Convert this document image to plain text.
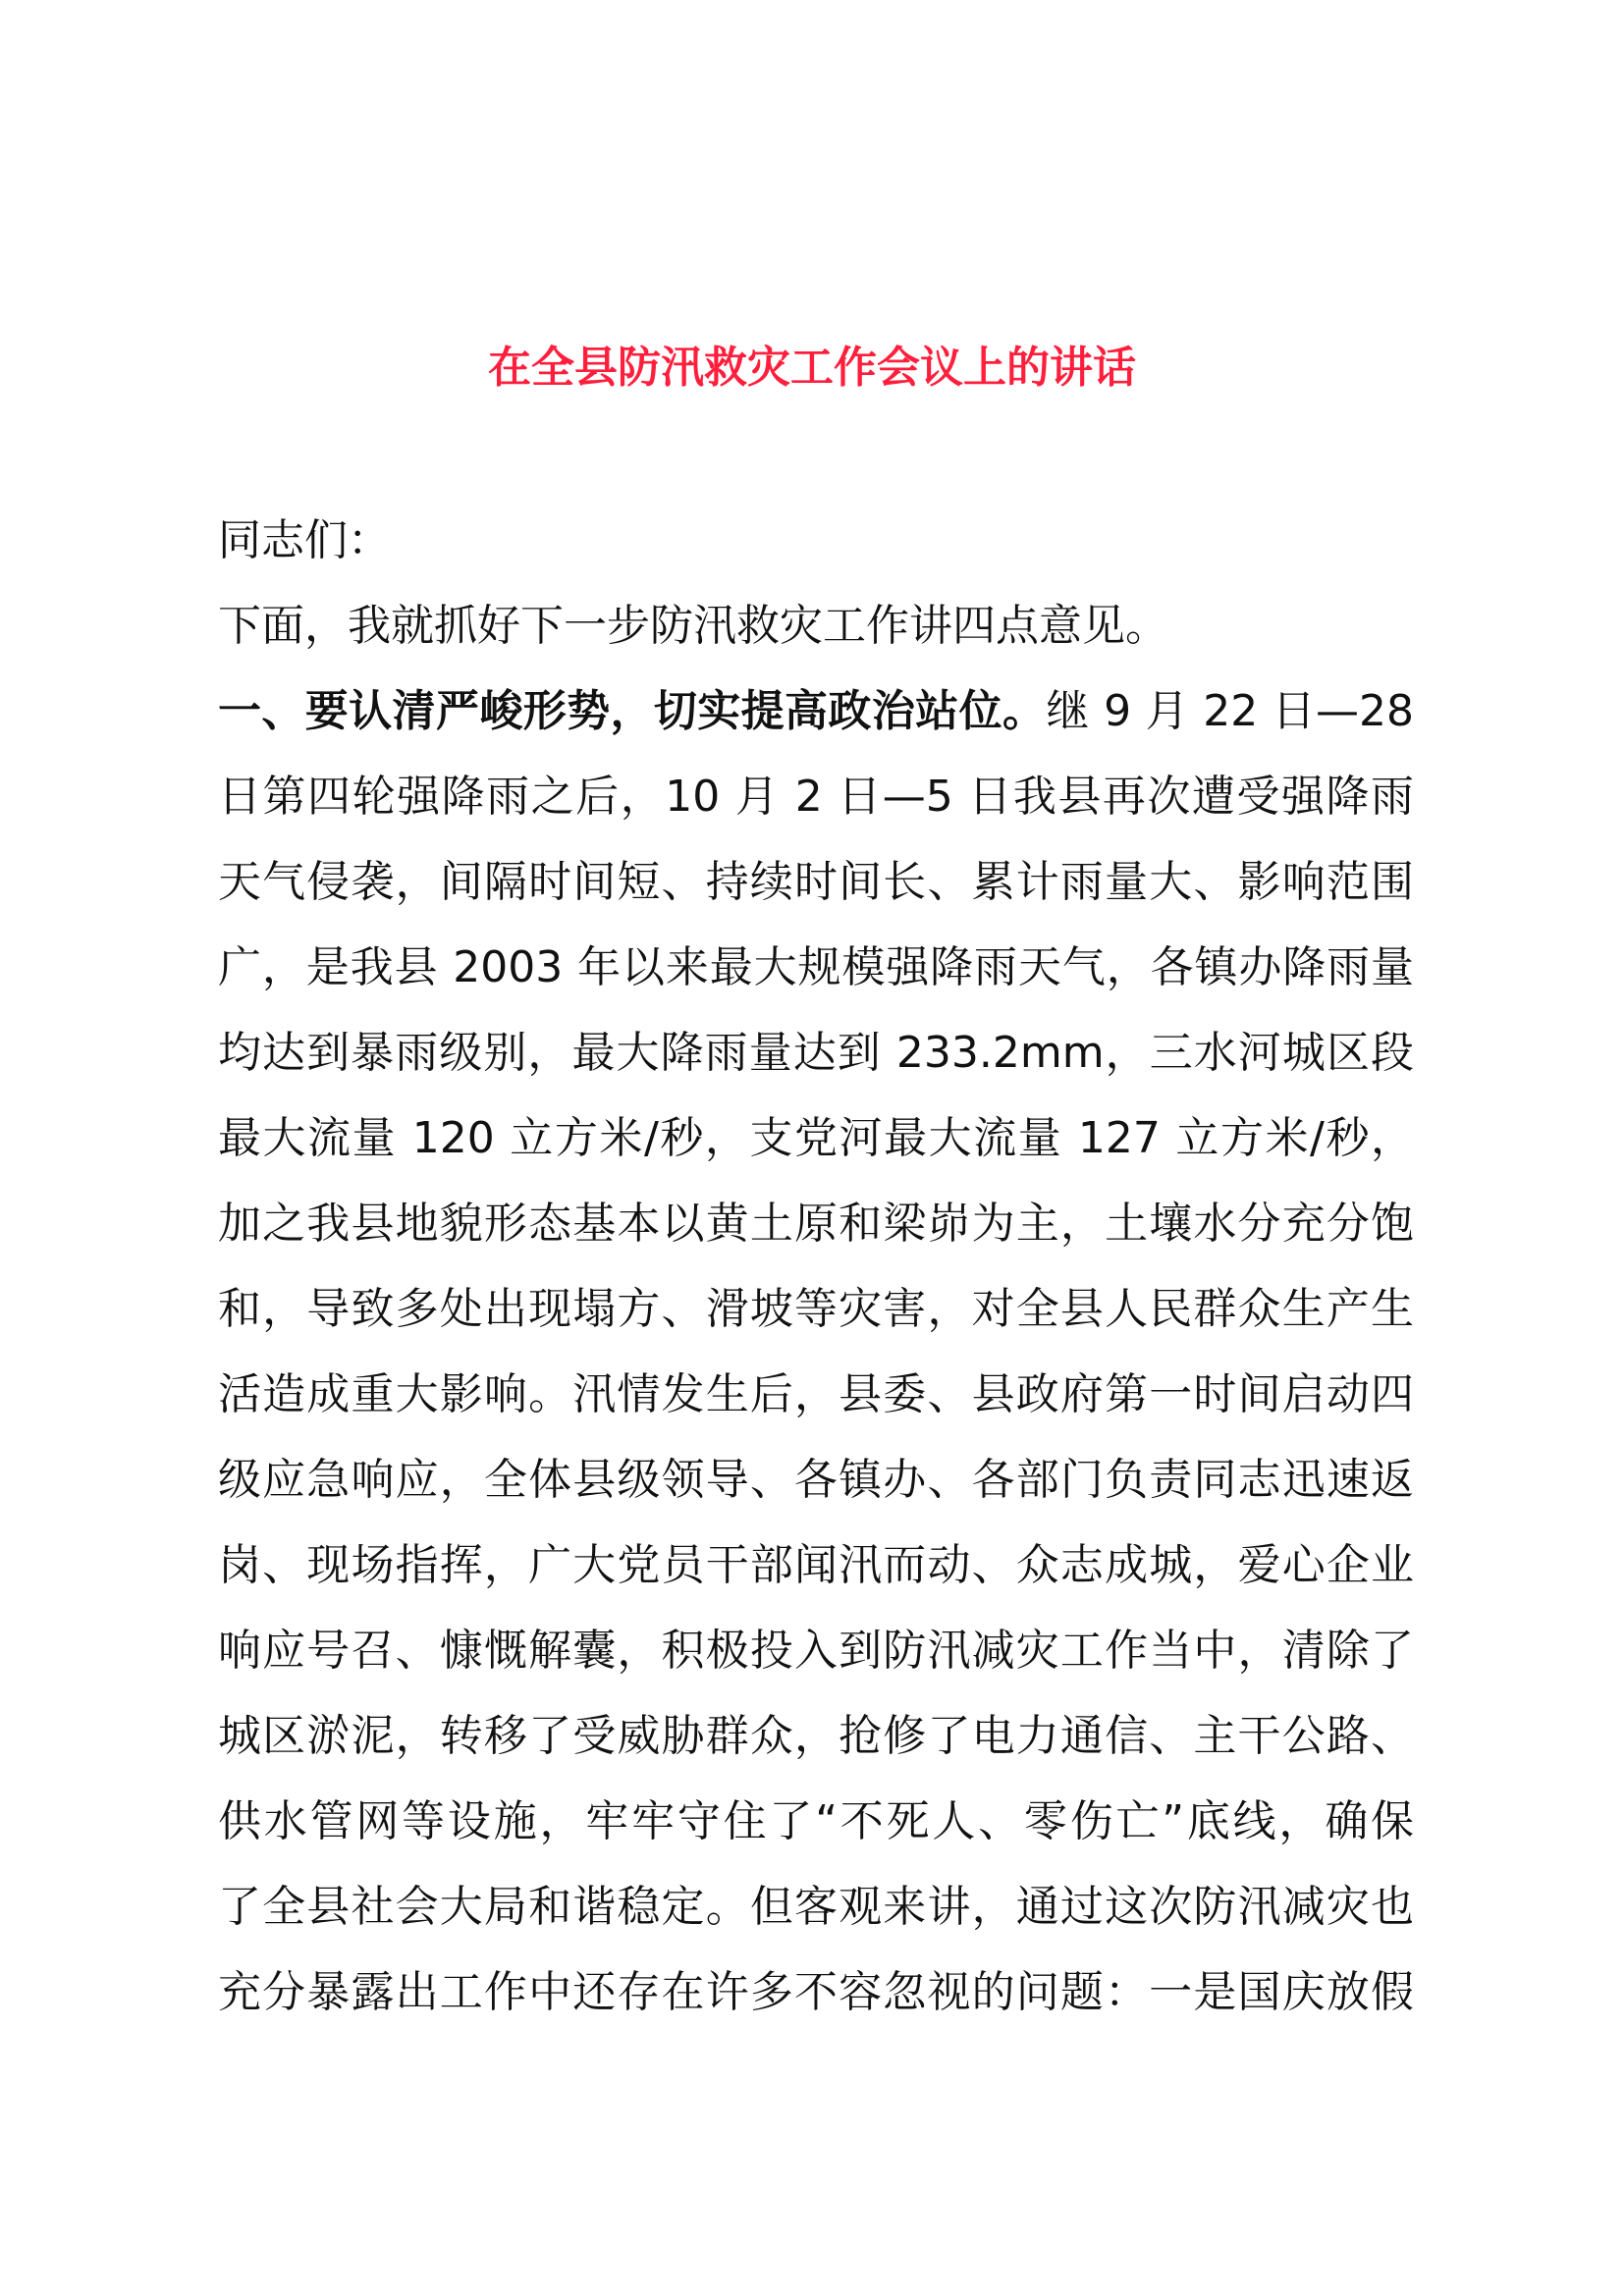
在全县防汛救灾工作会议上的讲话
同志们：
下面，我就抓好下一步防汛救灾工作讲四点意见。
一、要认清严峻形势，切实提高政治站位。继 9 月 22 日—28
日第四轮强降雨之后，10 月 2 日—5 日我县再次遭受强降雨
天气侵袭，间隔时间短、持续时间长、累计雨量大、影响范围
广，是我县 2003 年以来最大规模强降雨天气，各镇办降雨量
均达到暴雨级别，最大降雨量达到 233.2mm，三水河城区段
最大流量 120 立方米/秒，支党河最大流量 127 立方米/秒，
加之我县地貌形态基本以黄土原和梁峁为主，土壤水分充分饱
和，导致多处出现塌方、滑坡等灾害，对全县人民群众生产生
活造成重大影响。汛情发生后，县委、县政府第一时间启动四
级应急响应，全体县级领导、各镇办、各部门负责同志迅速返
岗、现场指挥，广大党员干部闻汛而动、众志成城，爱心企业
响应号召、慷慨解囊，积极投入到防汛减灾工作当中，清除了
城区淤泥，转移了受威胁群众，抢修了电力通信、主干公路、
供水管网等设施，牢牢守住了“不死人、零伤亡”底线，确保
了全县社会大局和谐稳定。但客观来讲，通过这次防汛减灾也
充分暴露出工作中还存在许多不容忽视的问题：一是国庆放假
